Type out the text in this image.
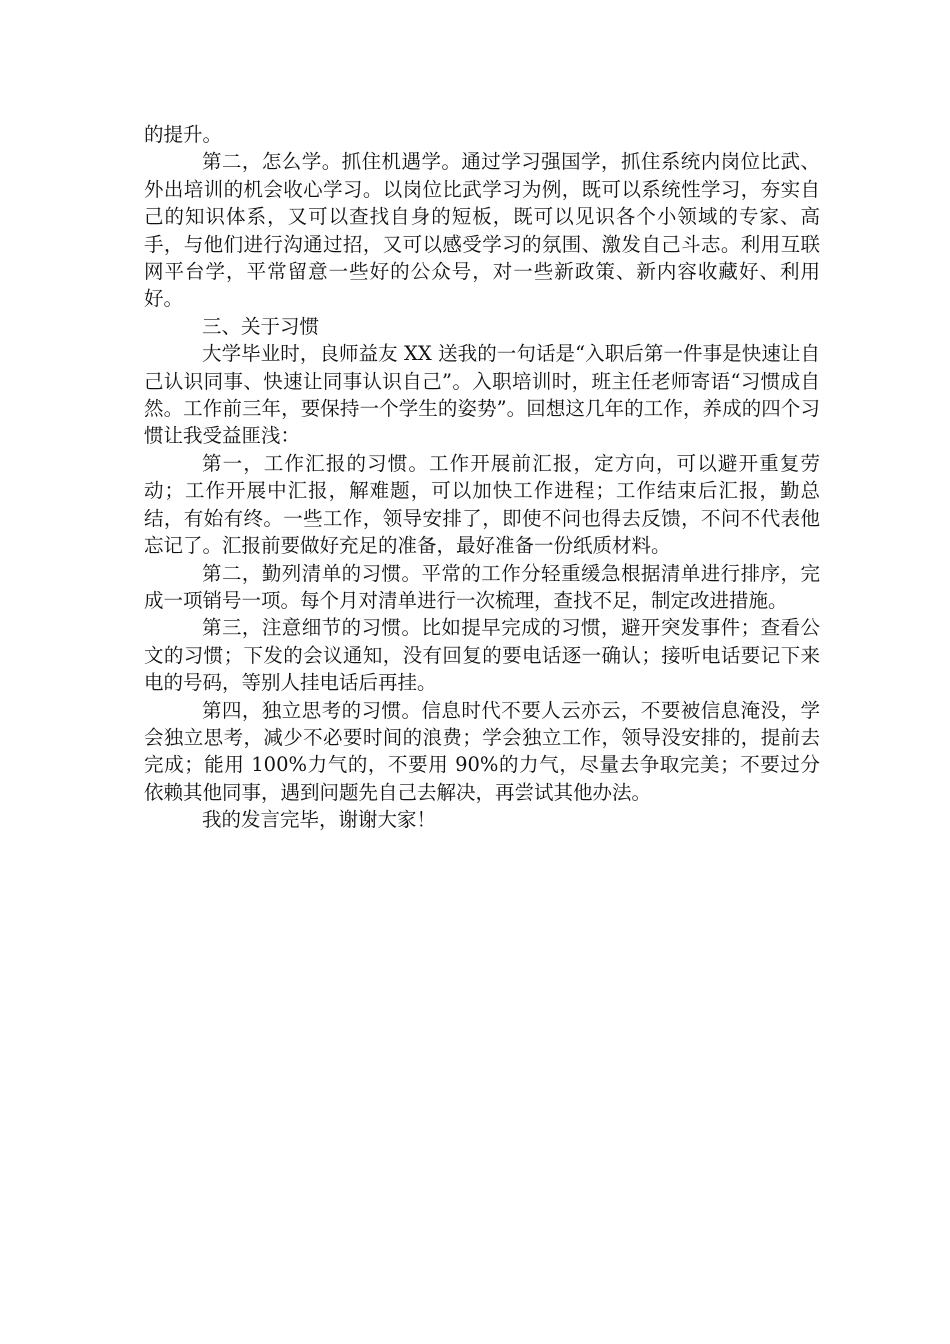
的提升。

第二，怎么学。抓住机遇学。通过学习强国学，抓住系统内岗位比武、外出培训的机会收心学习。以岗位比武学习为例，既可以系统性学习，夯实自己的知识体系，又可以查找自身的短板，既可以见识各个小领域的专家、高手，与他们进行沟通过招，又可以感受学习的氛围、激发自己斗志。利用互联网平台学，平常留意一些好的公众号，对一些新政策、新内容收藏好、利用好。

三、关于习惯

大学毕业时，良师益友 XX 送我的一句话是“入职后第一件事是快速让自己认识同事、快速让同事认识自己”。入职培训时，班主任老师寄语“习惯成自然。工作前三年，要保持一个学生的姿势”。回想这几年的工作，养成的四个习惯让我受益匪浅：

第一，工作汇报的习惯。工作开展前汇报，定方向，可以避开重复劳动；工作开展中汇报，解难题，可以加快工作进程；工作结束后汇报，勤总结，有始有终。一些工作，领导安排了，即使不问也得去反馈，不问不代表他忘记了。汇报前要做好充足的准备，最好准备一份纸质材料。

第二，勤列清单的习惯。平常的工作分轻重缓急根据清单进行排序，完成一项销号一项。每个月对清单进行一次梳理，查找不足，制定改进措施。

第三，注意细节的习惯。比如提早完成的习惯，避开突发事件；查看公文的习惯；下发的会议通知，没有回复的要电话逐一确认；接听电话要记下来电的号码，等别人挂电话后再挂。

第四，独立思考的习惯。信息时代不要人云亦云，不要被信息淹没，学会独立思考，减少不必要时间的浪费；学会独立工作，领导没安排的，提前去完成；能用 100%力气的，不要用 90%的力气，尽量去争取完美；不要过分依赖其他同事，遇到问题先自己去解决，再尝试其他办法。

我的发言完毕，谢谢大家！
